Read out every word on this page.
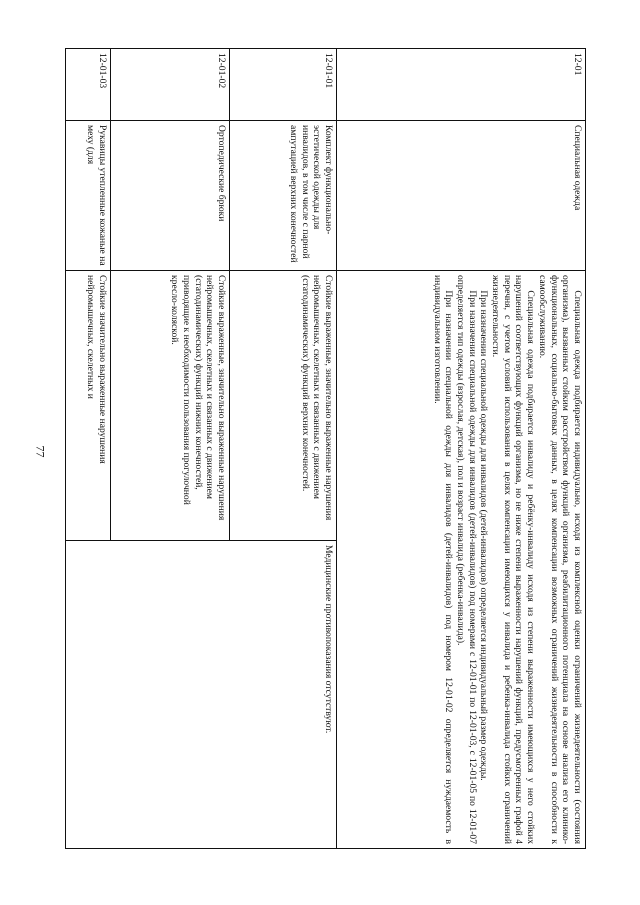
77
12-01	Специальная одежда	Специальная одежда подбирается индивидуально, исходя из комплексной оценки ограничений жизнедеятельности (состояния организма), вызванных стойким расстройством функций организма, реабилитационного потенциала на основе анализа его клинико-функциональных, социально-бытовых данных, в целях компенсации возможных ограничений жизнедеятельности в способности к самообслуживанию.

Специальная одежда подбирается инвалиду и ребёнку-инвалиду исходя из степени выраженности имеющихся у него стойких нарушений соответствующих функций организма, но не ниже степени выраженности нарушений функций, предусмотренных графой 4 перечня, с учетом условий использования в целях компенсации имеющихся у инвалида и ребенка-инвалида стойких ограничений жизнедеятельности.

При назначении специальной одежды для инвалидов (детей-инвалидов) определяется индивидуальный размер одежды.

При назначении специальной одежды для инвалидов (детей-инвалидов) под номерами с 12-01-01 по 12-01-03, с 12-01-05 по 12-01-07 определяется тип одежды (взрослая, детская), пол и возраст инвалида (ребенка-инвалида).

При назначении специальной одежды для инвалидов (детей-инвалидов) под номером 12-01-02 определяется нуждаемость в индивидуальном изготовлении.	

12-01-01	Комплект функционально-эстетической одежды для инвалидов, в том числе с парной ампутацией верхних конечностей	Стойкие выраженные, значительно выраженные нарушения нейромышечных, скелетных и связанных с движением (статодинамических) функций верхних конечностей.	Медицинские противопоказания отсутствуют.
12-01-02	Ортопедические брюки	Стойкие выраженные, значительно выраженные нарушения нейромышечных, скелетных и связанных с движением (статодинамических) функций нижних конечностей, приводящие к необходимости пользования прогулочной кресло-коляской.	
12-01-03	Рукавицы утепленные кожаные на меху (для	Стойкие значительно выраженные нарушения нейромышечных, скелетных и	
